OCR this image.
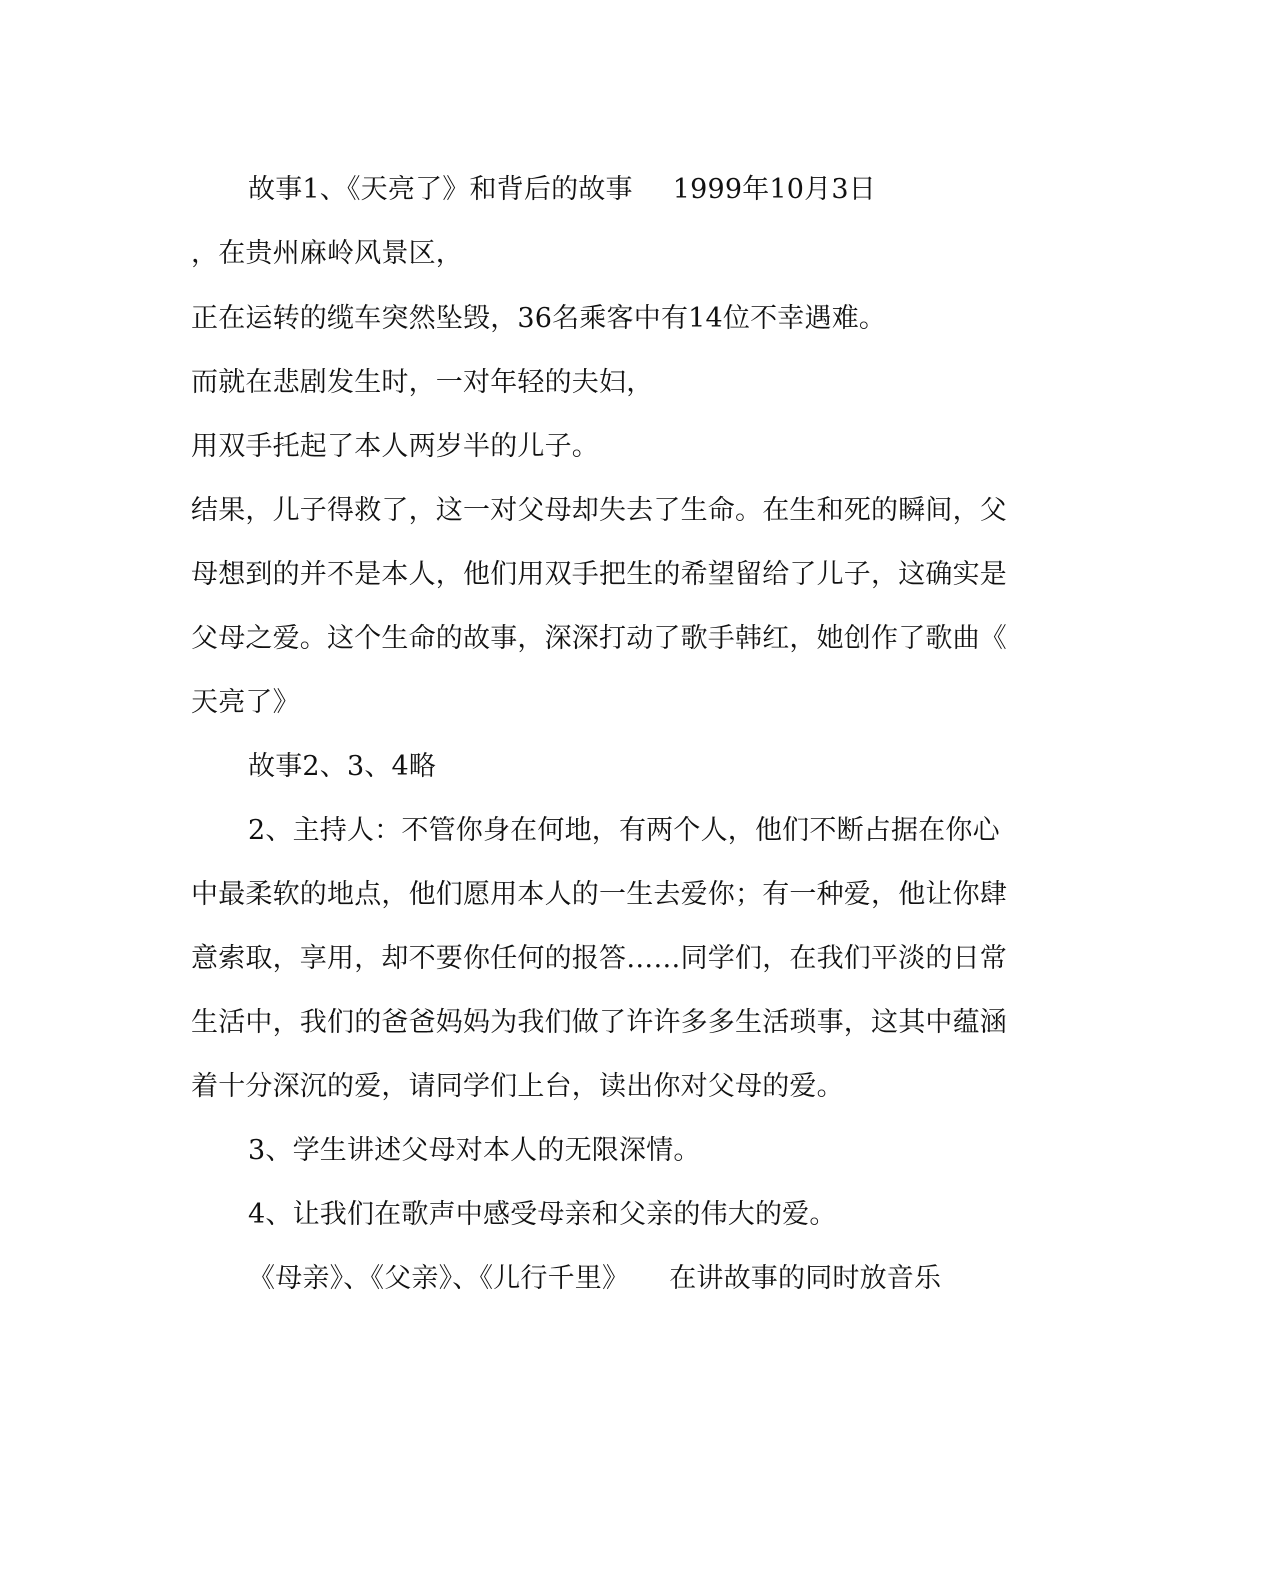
故事1、《天亮了》和背后的故事 1999年10月3日
，在贵州麻岭风景区，
正在运转的缆车突然坠毁，36名乘客中有14位不幸遇难。
而就在悲剧发生时，一对年轻的夫妇，
用双手托起了本人两岁半的儿子。
结果，儿子得救了，这一对父母却失去了生命。在生和死的瞬间，父
母想到的并不是本人，他们用双手把生的希望留给了儿子，这确实是
父母之爱。这个生命的故事，深深打动了歌手韩红，她创作了歌曲《
天亮了》
故事2、3、4略
2、主持人：不管你身在何地，有两个人，他们不断占据在你心
中最柔软的地点，他们愿用本人的一生去爱你；有一种爱，他让你肆
意索取，享用，却不要你任何的报答……同学们，在我们平淡的日常
生活中，我们的爸爸妈妈为我们做了许许多多生活琐事，这其中蕴涵
着十分深沉的爱，请同学们上台，读出你对父母的爱。
3、学生讲述父母对本人的无限深情。
4、让我们在歌声中感受母亲和父亲的伟大的爱。
《母亲》、《父亲》、《儿行千里》 在讲故事的同时放音乐
